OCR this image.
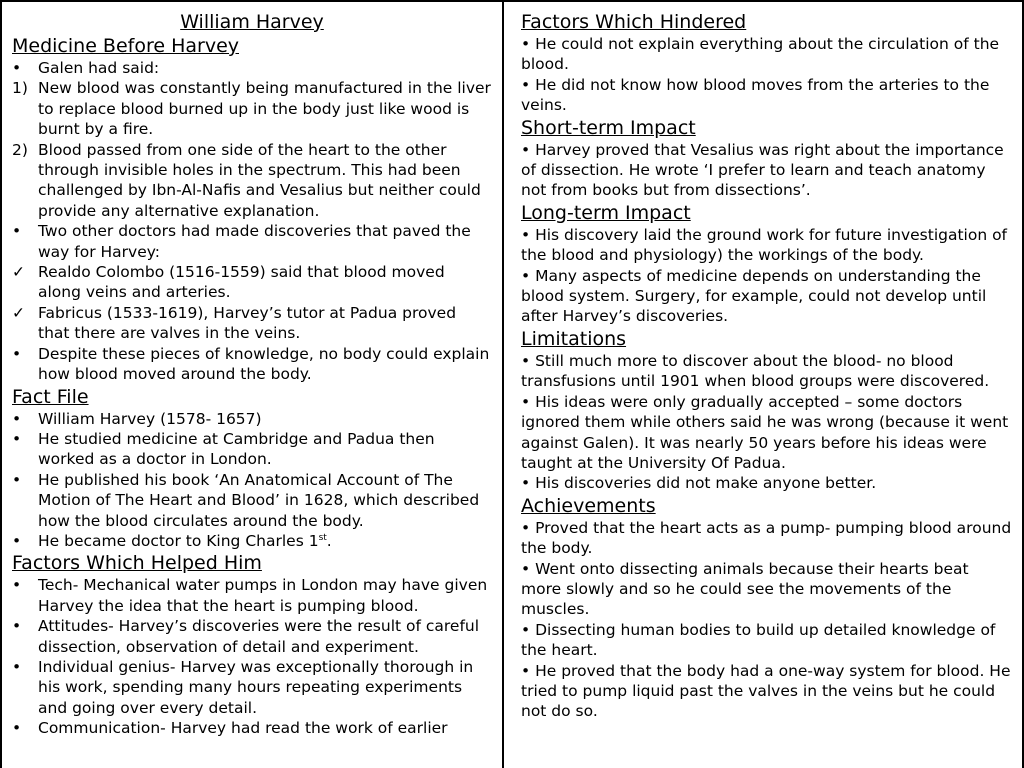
William Harvey
Medicine Before Harvey
•	Galen had said:
1) New blood was constantly being manufactured in the liver to replace blood burned up in the body just like wood is burnt by a fire.
2) Blood passed from one side of the heart to the other through invisible holes in the spectrum. This had been challenged by Ibn-Al-Nafis and Vesalius but neither could provide any alternative explanation.
•	Two other doctors had made discoveries that paved the way for Harvey:
✓ Realdo Colombo (1516-1559) said that blood moved along veins and arteries.
✓ Fabricus (1533-1619), Harvey’s tutor at Padua proved that there are valves in the veins.
•	Despite these pieces of knowledge, no body could explain how blood moved around the body.
Fact File
•	William Harvey (1578- 1657)
•	He studied medicine at Cambridge and Padua then worked as a doctor in London.
•	He published his book ‘An Anatomical Account of The Motion of The Heart and Blood’ in 1628, which described how the blood circulates around the body.
•	He became doctor to King Charles 1st.
Factors Which Helped Him
•	Tech- Mechanical water pumps in London may have given Harvey the idea that the heart is pumping blood.
•	Attitudes- Harvey’s discoveries were the result of careful dissection, observation of detail and experiment.
•	Individual genius- Harvey was exceptionally thorough in his work, spending many hours repeating experiments and going over every detail.
•	Communication- Harvey had read the work of earlier
Factors Which Hindered
• He could not explain everything about the circulation of the blood.
• He did not know how blood moves from the arteries to the veins.
Short-term Impact
• Harvey proved that Vesalius was right about the importance of dissection. He wrote ‘I prefer to learn and teach anatomy not from books but from dissections’.
Long-term Impact
• His discovery laid the ground work for future investigation of the blood and physiology) the workings of the body.
• Many aspects of medicine depends on understanding the blood system. Surgery, for example, could not develop until after Harvey’s discoveries.
Limitations
• Still much more to discover about the blood- no blood transfusions until 1901 when blood groups were discovered.
• His ideas were only gradually accepted – some doctors ignored them while others said he was wrong (because it went against Galen). It was nearly 50 years before his ideas were taught at the University Of Padua.
• His discoveries did not make anyone better.
Achievements
• Proved that the heart acts as a pump- pumping blood around the body.
• Went onto dissecting animals because their hearts beat more slowly and so he could see the movements of the muscles.
• Dissecting human bodies to build up detailed knowledge of the heart.
• He proved that the body had a one-way system for blood. He tried to pump liquid past the valves in the veins but he could not do so.
